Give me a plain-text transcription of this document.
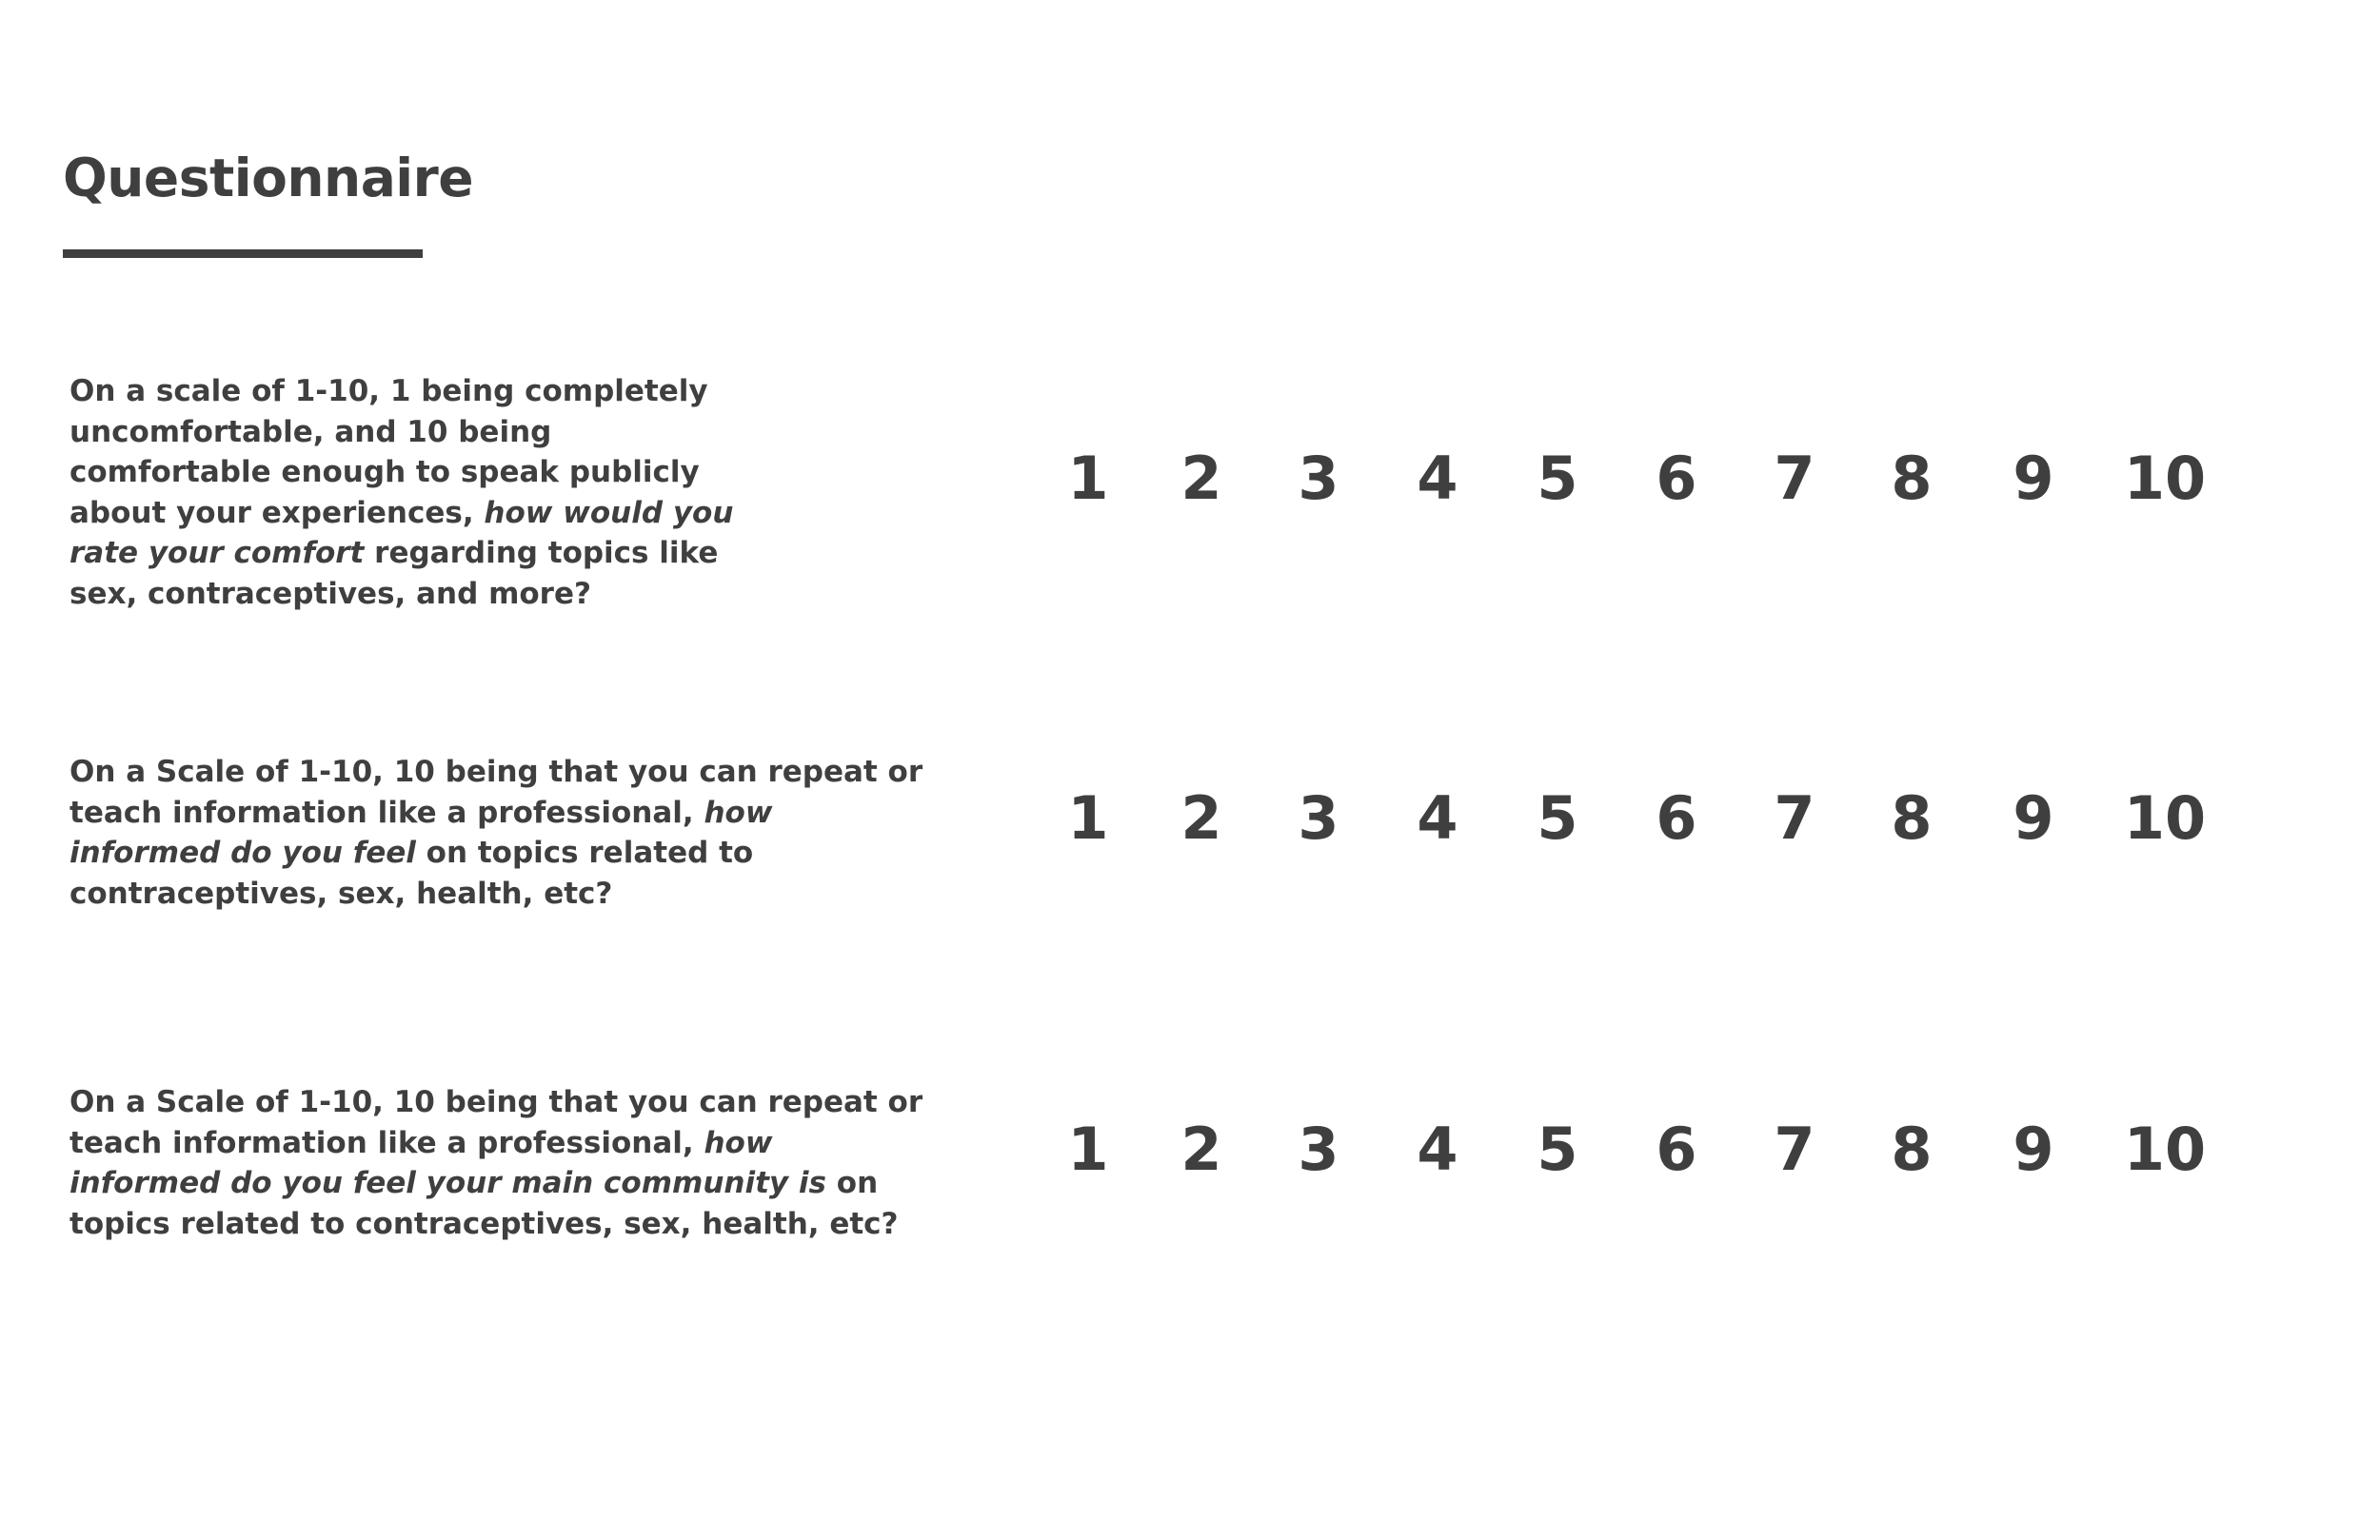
Questionnaire

On a scale of 1-10, 1 being completely
uncomfortable, and 10 being
comfortable enough to speak publicly
about your experiences, how would you
rate your comfort regarding topics like
sex, contraceptives, and more?

1	2	3	4	5	6	7	8	9	10

On a Scale of 1-10, 10 being that you can repeat or
teach information like a professional, how
informed do you feel on topics related to
contraceptives, sex, health, etc?

1	2	3	4	5	6	7	8	9	10

On a Scale of 1-10, 10 being that you can repeat or
teach information like a professional, how
informed do you feel your main community is on
topics related to contraceptives, sex, health, etc?

1	2	3	4	5	6	7	8	9	10
